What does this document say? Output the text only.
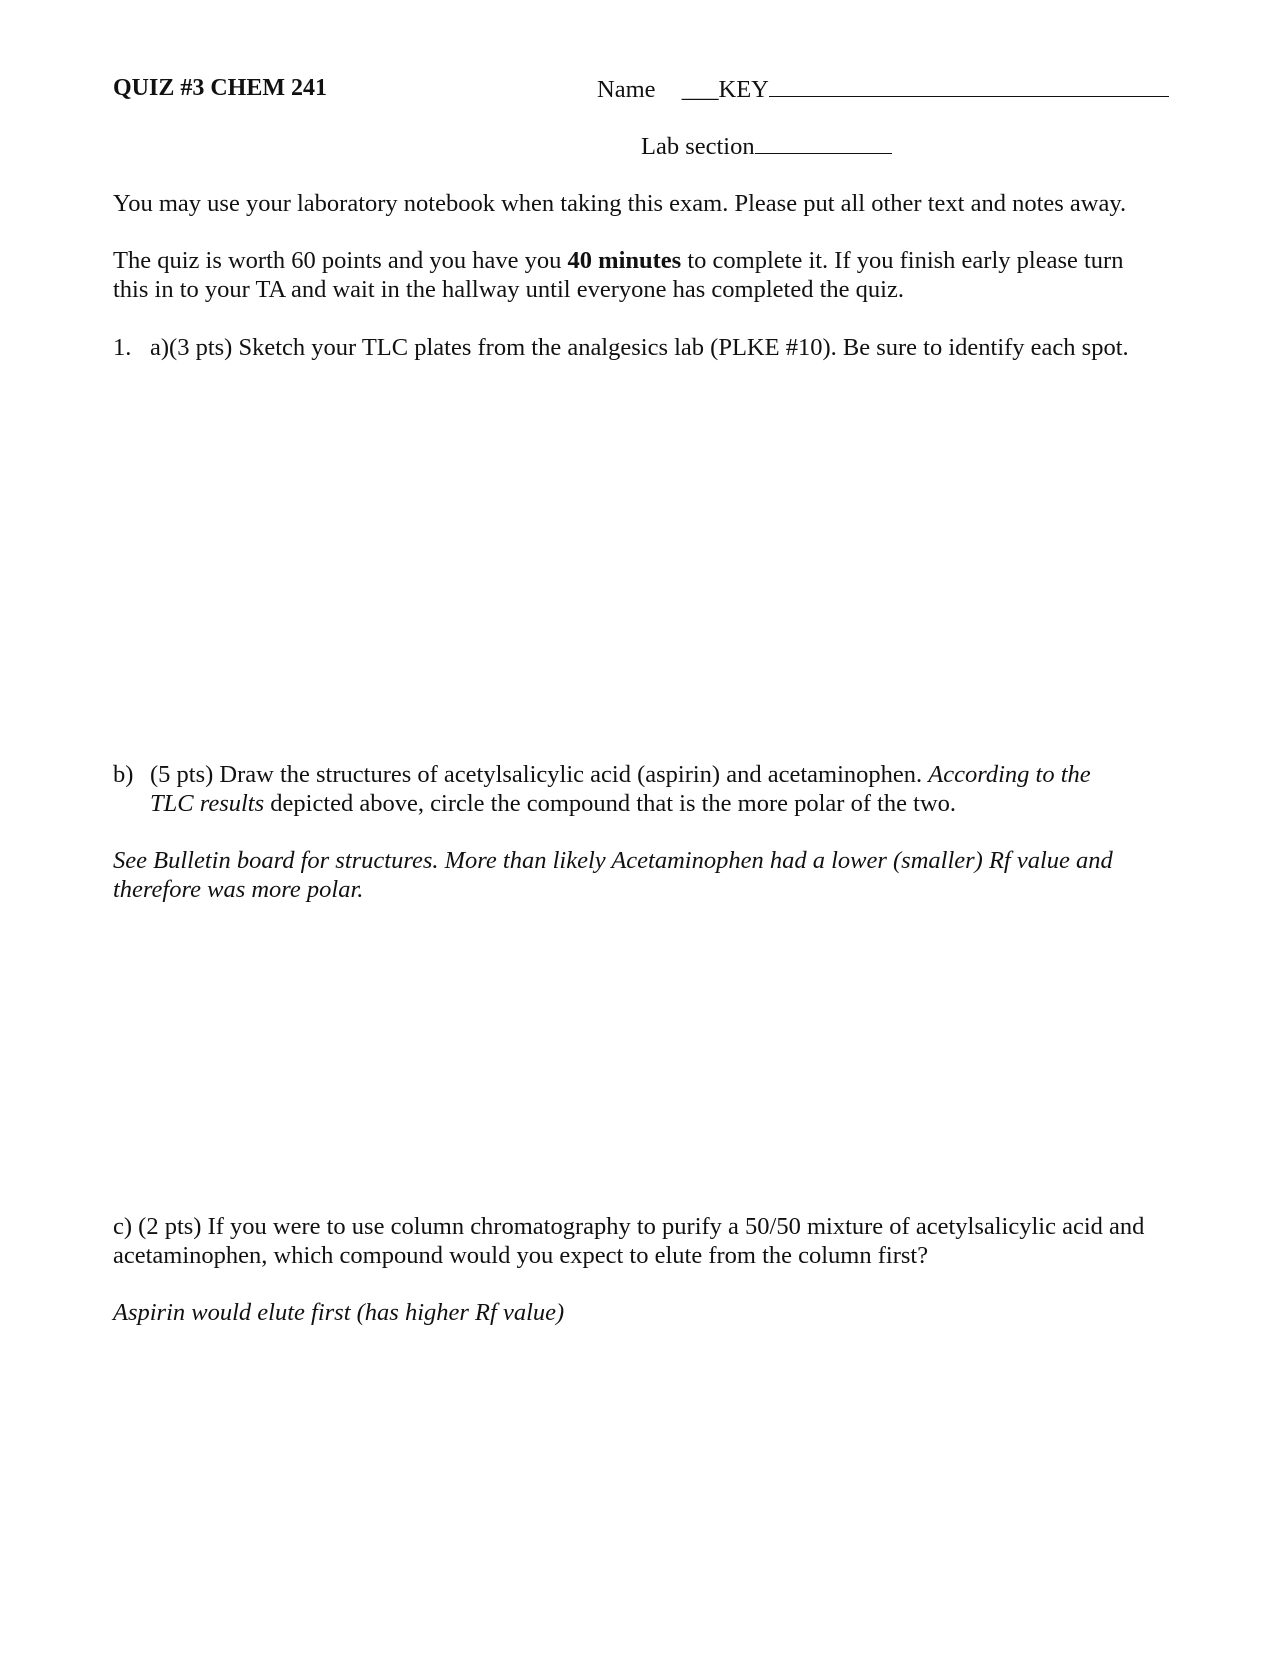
QUIZ #3 CHEM 241	Name ___KEY
Lab section
You may use your laboratory notebook when taking this exam. Please put all other text and notes away.
The quiz is worth 60 points and you have you 40 minutes to complete it. If you finish early please turn
this in to your TA and wait in the hallway until everyone has completed the quiz.
1. a)(3 pts) Sketch your TLC plates from the analgesics lab (PLKE #10). Be sure to identify each spot.
b) (5 pts) Draw the structures of acetylsalicylic acid (aspirin) and acetaminophen. According to the
TLC results depicted above, circle the compound that is the more polar of the two.
See Bulletin board for structures. More than likely Acetaminophen had a lower (smaller) Rf value and
therefore was more polar.
c) (2 pts) If you were to use column chromatography to purify a 50/50 mixture of acetylsalicylic acid and
acetaminophen, which compound would you expect to elute from the column first?
Aspirin would elute first (has higher Rf value)
